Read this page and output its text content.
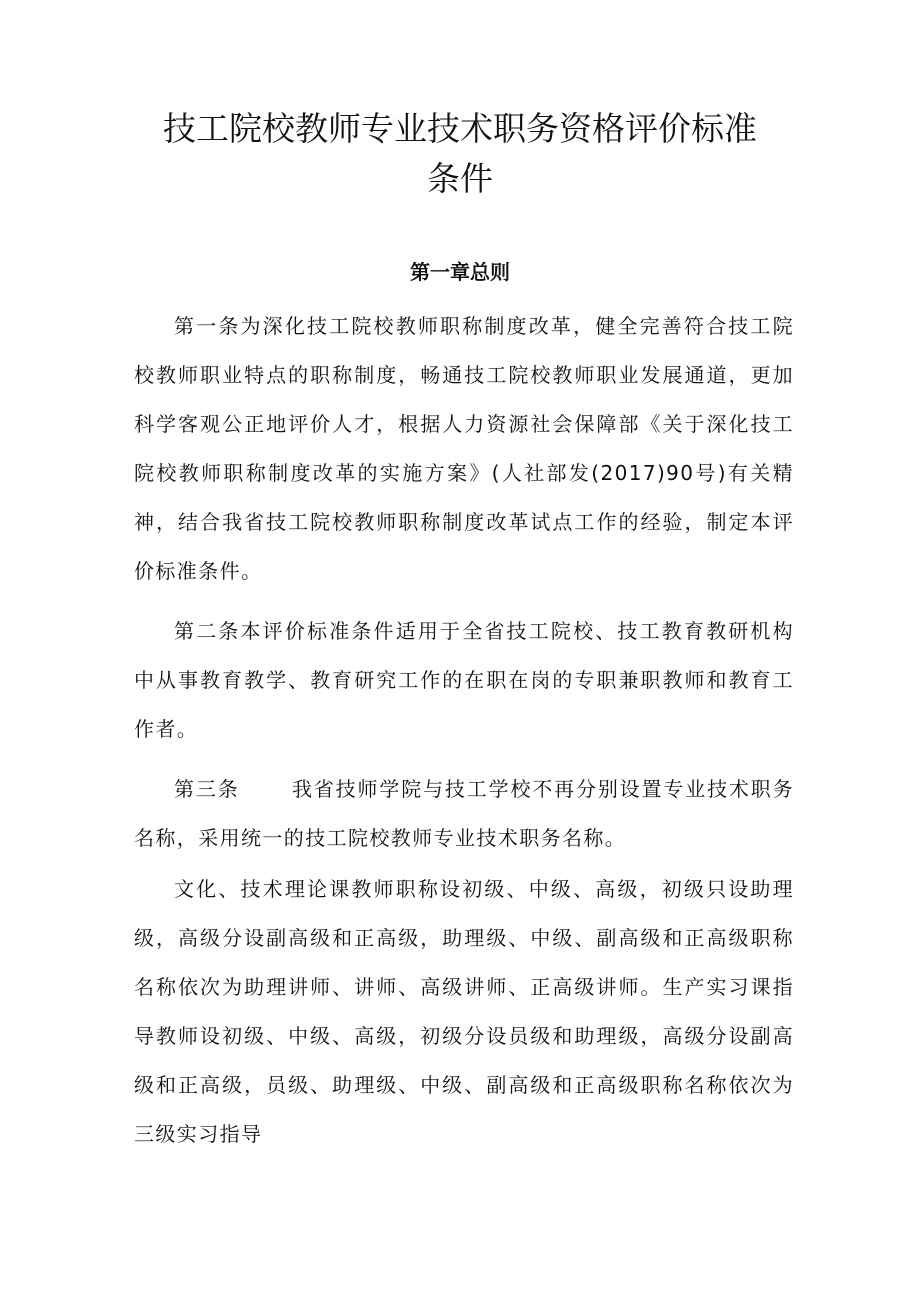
技工院校教师专业技术职务资格评价标准条件
第一章总则

第一条为深化技工院校教师职称制度改革，健全完善符合技工院校教师职业特点的职称制度，畅通技工院校教师职业发展通道，更加科学客观公正地评价人才，根据人力资源社会保障部《关于深化技工院校教师职称制度改革的实施方案》(人社部发(2017)90号)有关精神，结合我省技工院校教师职称制度改革试点工作的经验，制定本评价标准条件。

第二条本评价标准条件适用于全省技工院校、技工教育教研机构中从事教育教学、教育研究工作的在职在岗的专职兼职教师和教育工作者。

第三条	我省技师学院与技工学校不再分别设置专业技术职务名称，采用统一的技工院校教师专业技术职务名称。

文化、技术理论课教师职称设初级、中级、高级，初级只设助理级，高级分设副高级和正高级，助理级、中级、副高级和正高级职称名称依次为助理讲师、讲师、高级讲师、正高级讲师。生产实习课指导教师设初级、中级、高级，初级分设员级和助理级，高级分设副高级和正高级，员级、助理级、中级、副高级和正高级职称名称依次为三级实习指导
